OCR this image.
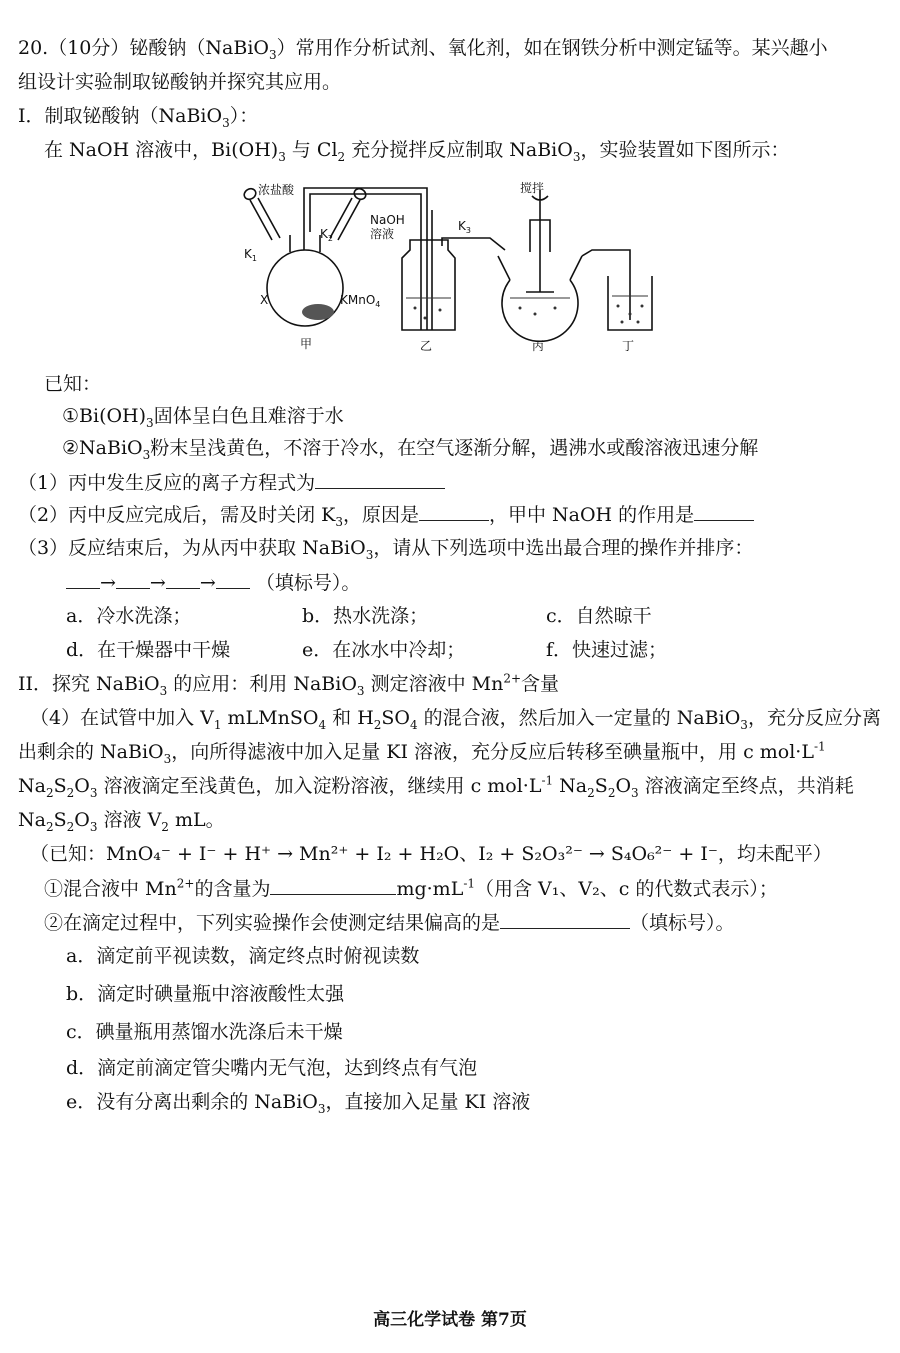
20.（10分）铋酸钠（NaBiO$_3$）常用作分析试剂、氧化剂，如在钢铁分析中测定锰等。某兴趣小
组设计实验制取铋酸钠并探究其应用。
I．制取铋酸钠（NaBiO$_3$）：
在 NaOH 溶液中，$Bi(OH)_3$ 与 $Cl_2$ 充分搅拌反应制取 NaBiO$_3$，实验装置如下图所示：
浓盐酸
NaOH
溶液
$K_1$
$K_2$
$K_3$
X	KMnO$_4$
搅拌
甲	乙	丙	丁
已知：
$①Bi(OH)_3$固体呈白色且难溶于水
②NaBiO$_3$粉末呈浅黄色，不溶于冷水，在空气逐渐分解，遇沸水或酸溶液迅速分解
（1）丙中发生反应的离子方程式为
（2）丙中反应完成后，需及时关闭 $K_3$，原因是	，甲中 NaOH 的作用是
（3）反应结束后，为从丙中获取 NaBiO$_3$，请从下列选项中选出最合理的操作并排序：
→ → → （填标号）。
a．冷水洗涤；	b．热水洗涤；	c．自然晾干
d．在干燥器中干燥	e．在冰水中冷却；	f．快速过滤；
II．探究 NaBiO$_3$ 的应用：利用 NaBiO$_3$ 测定溶液中 $Mn^{2+}$含量
（4）在试管中加入 $V_1$ mLMnSO$_4$ 和 $H_2SO_4$ 的混合液，然后加入一定量的 NaBiO$_3$，充分反应分离
出剩余的 NaBiO$_3$，向所得滤液中加入足量 KI 溶液，充分反应后转移至碘量瓶中，用 c $mol\cdot L^{-1}$
$Na_2S_2O_3$ 溶液滴定至浅黄色，加入淀粉溶液，继续用 c $mol\cdot L^{-1}$ $Na_2S_2O_3$ 溶液滴定至终点，共消耗
$Na_2S_2O_3$ 溶液 $V_2$ mL。
（已知：MnO₄⁻ + I⁻ + H⁺ → Mn²⁺ + I₂ + H₂O、I₂ + S₂O₃²⁻ → S₄O₆²⁻ + I⁻，均未配平）
①混合液中 $Mn^{2+}$的含量为	$mg\cdot mL^{-1}$（用含 V₁、V₂、c 的代数式表示）；
②在滴定过程中，下列实验操作会使测定结果偏高的是	（填标号）。
a．滴定前平视读数，滴定终点时俯视读数
b．滴定时碘量瓶中溶液酸性太强
c．碘量瓶用蒸馏水洗涤后未干燥
d．滴定前滴定管尖嘴内无气泡，达到终点有气泡
e．没有分离出剩余的 NaBiO$_3$，直接加入足量 KI 溶液
高三化学试卷 第7页
